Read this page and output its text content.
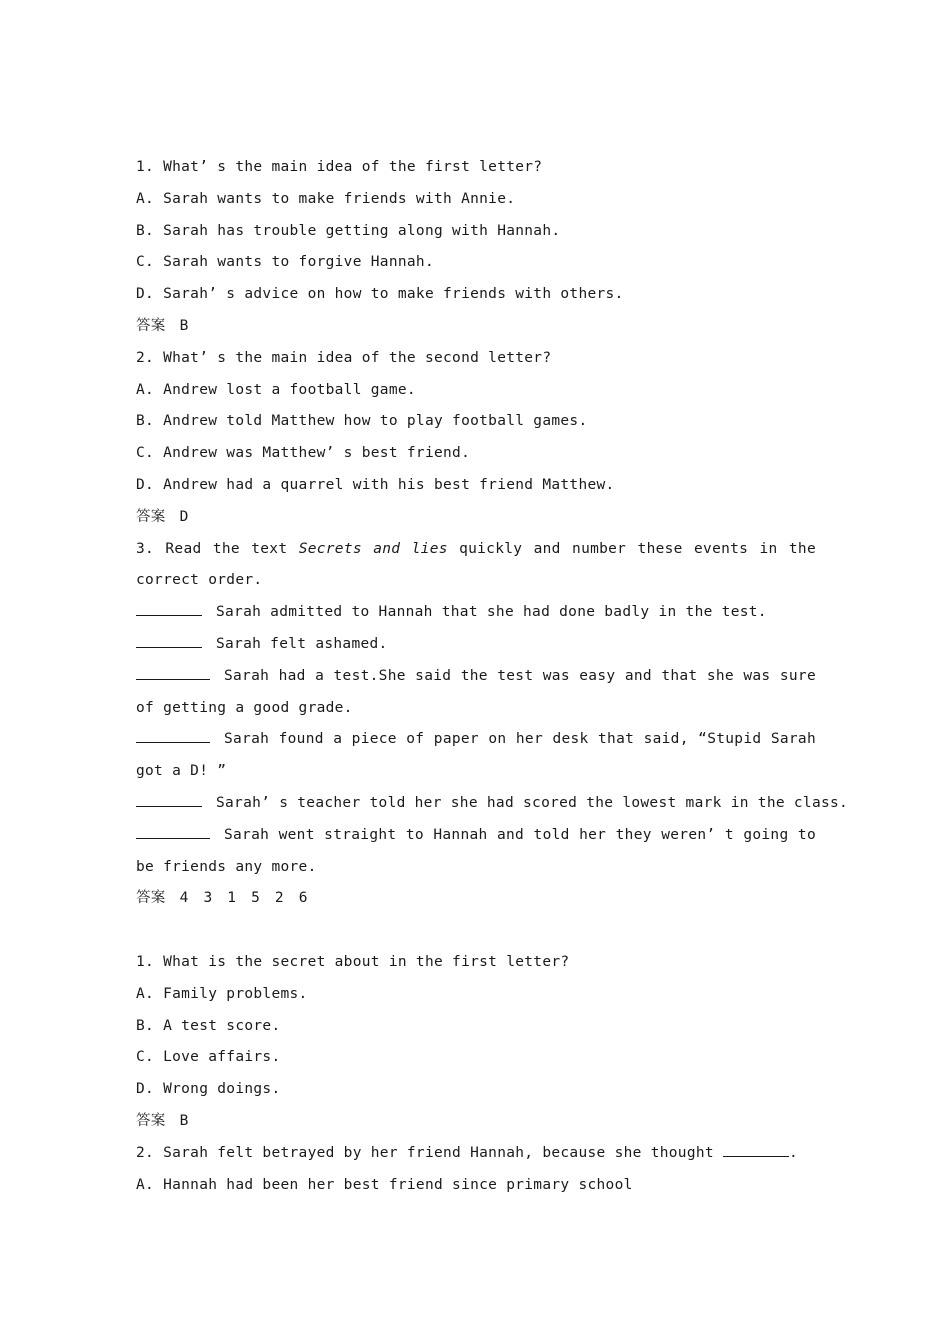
1. What’ s the main idea of the first letter?
A. Sarah wants to make friends with Annie.
B. Sarah has trouble getting along with Hannah.
C. Sarah wants to forgive Hannah.
D. Sarah’ s advice on how to make friends with others.
答案 B
2. What’ s the main idea of the second letter?
A. Andrew lost a football game.
B. Andrew told Matthew how to play football games.
C. Andrew was Matthew’ s best friend.
D. Andrew had a quarrel with his best friend Matthew.
答案 D
3. Read the text Secrets and lies quickly and number these events in the correct order.
Sarah admitted to Hannah that she had done badly in the test.
Sarah felt ashamed.
Sarah had a test.She said the test was easy and that she was sure of getting a good grade.
Sarah found a piece of paper on her desk that said, “Stupid Sarah got a D! ”
Sarah’ s teacher told her she had scored the lowest mark in the class.
Sarah went straight to Hannah and told her they weren’ t going to be friends any more.
答案 4　3　1　5　2　6
1. What is the secret about in the first letter?
A. Family problems.
B. A test score.
C. Love affairs.
D. Wrong doings.
答案 B
2. Sarah felt betrayed by her friend Hannah, because she thought	.
A. Hannah had been her best friend since primary school
